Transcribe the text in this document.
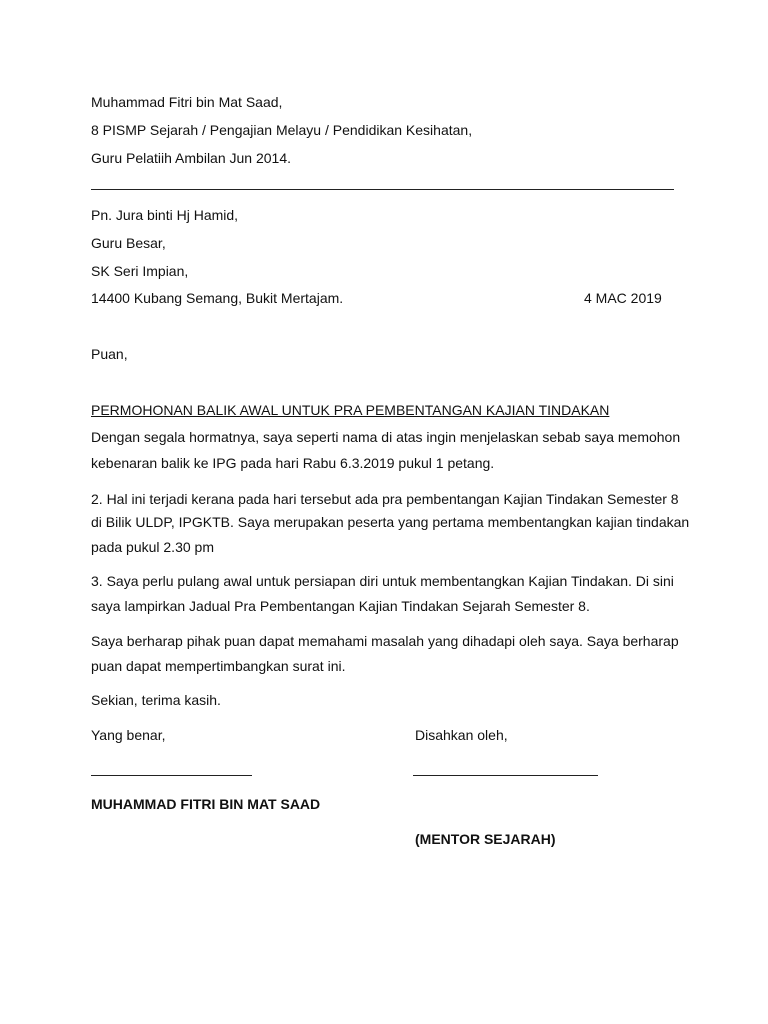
Muhammad Fitri bin Mat Saad,
8 PISMP Sejarah / Pengajian Melayu / Pendidikan Kesihatan,
Guru Pelatiih Ambilan Jun 2014.
Pn. Jura binti Hj Hamid,
Guru Besar,
SK Seri Impian,
14400 Kubang Semang, Bukit Mertajam.	4 MAC 2019
Puan,
PERMOHONAN BALIK AWAL UNTUK PRA PEMBENTANGAN KAJIAN TINDAKAN
Dengan segala hormatnya, saya seperti nama di atas ingin menjelaskan sebab saya memohon
kebenaran balik ke IPG pada hari Rabu 6.3.2019 pukul 1 petang.
2. Hal ini terjadi kerana pada hari tersebut ada pra pembentangan Kajian Tindakan Semester 8
di Bilik ULDP, IPGKTB. Saya merupakan peserta yang pertama membentangkan kajian tindakan
pada pukul 2.30 pm
3. Saya perlu pulang awal untuk persiapan diri untuk membentangkan Kajian Tindakan. Di sini
saya lampirkan Jadual Pra Pembentangan Kajian Tindakan Sejarah Semester 8.
Saya berharap pihak puan dapat memahami masalah yang dihadapi oleh saya. Saya berharap
puan dapat mempertimbangkan surat ini.
Sekian, terima kasih.
Yang benar,	Disahkan oleh,
MUHAMMAD FITRI BIN MAT SAAD
(MENTOR SEJARAH)
